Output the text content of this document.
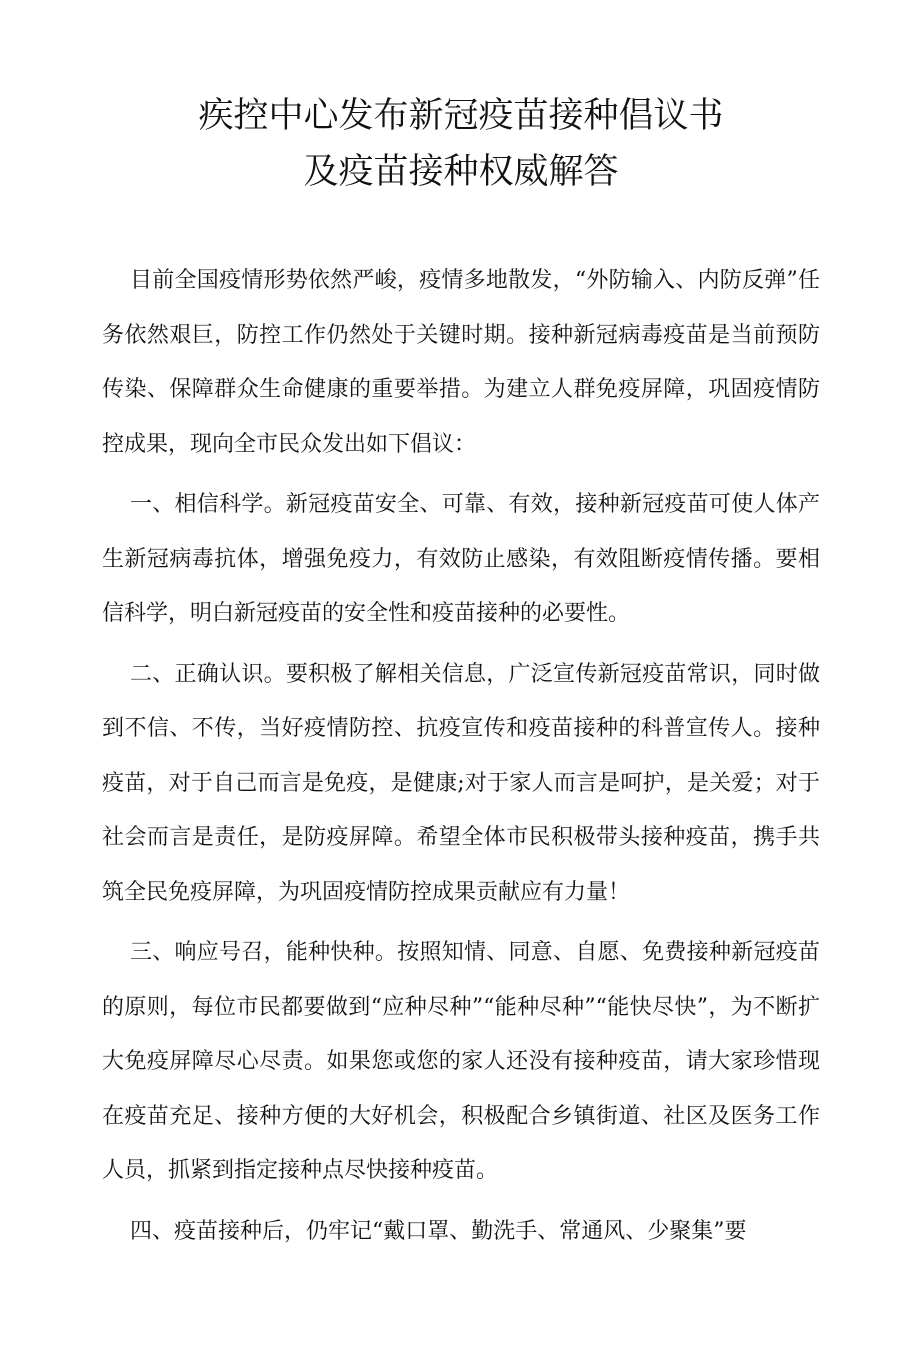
疾控中心发布新冠疫苗接种倡议书
及疫苗接种权威解答

目前全国疫情形势依然严峻，疫情多地散发，“外防输入、内防反弹”任务依然艰巨，防控工作仍然处于关键时期。接种新冠病毒疫苗是当前预防传染、保障群众生命健康的重要举措。为建立人群免疫屏障，巩固疫情防控成果，现向全市民众发出如下倡议：

一、相信科学。新冠疫苗安全、可靠、有效，接种新冠疫苗可使人体产生新冠病毒抗体，增强免疫力，有效防止感染，有效阻断疫情传播。要相信科学，明白新冠疫苗的安全性和疫苗接种的必要性。

二、正确认识。要积极了解相关信息，广泛宣传新冠疫苗常识，同时做到不信、不传，当好疫情防控、抗疫宣传和疫苗接种的科普宣传人。接种疫苗，对于自己而言是免疫，是健康;对于家人而言是呵护，是关爱；对于社会而言是责任，是防疫屏障。希望全体市民积极带头接种疫苗，携手共筑全民免疫屏障，为巩固疫情防控成果贡献应有力量！

三、响应号召，能种快种。按照知情、同意、自愿、免费接种新冠疫苗的原则，每位市民都要做到“应种尽种”“能种尽种”“能快尽快”，为不断扩大免疫屏障尽心尽责。如果您或您的家人还没有接种疫苗，请大家珍惜现在疫苗充足、接种方便的大好机会，积极配合乡镇街道、社区及医务工作人员，抓紧到指定接种点尽快接种疫苗。

四、疫苗接种后，仍牢记“戴口罩、勤洗手、常通风、少聚集”要
